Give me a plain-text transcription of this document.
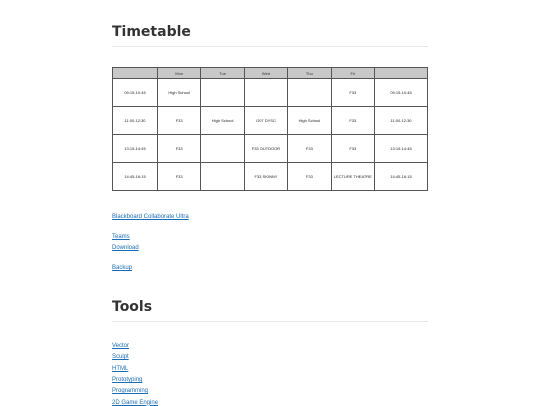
Timetable
	Mon	Tue	Wed	Thu	Fri	
09:15-10:45	High School				F33	09:15-10:45
11:00-12:30	F33	High School	G07 DYSC	High School	F33	11:00-12:30
13:15-14:45	F33		F33 OUTDOOR	F33	F33	13:15-14:45
14:45-16:15	F33		F33 SKINNY	F33	LECTURE THEATRE	14:45-16:15
Blackboard Collaborate Ultra
Teams
Download
Backup
Tools
Vector
Sculpt
HTML
Prototyping
Programming
2D Game Engine
